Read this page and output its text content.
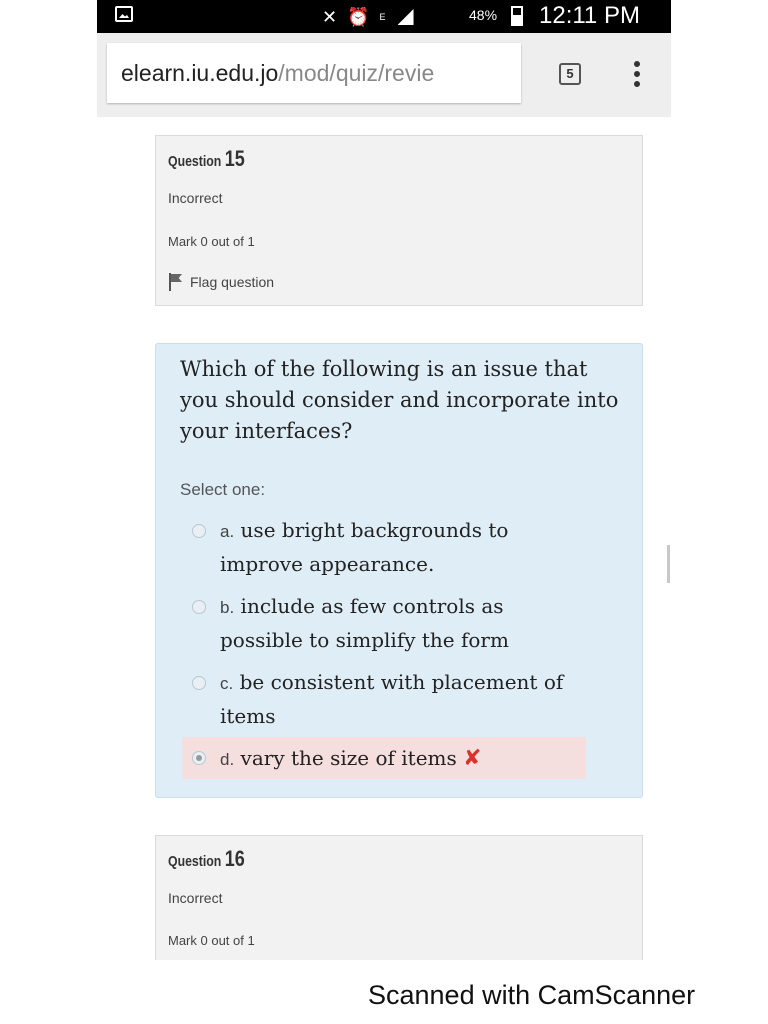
✕ ⏰ E	48% 12:11 PM
elearn.iu.edu.jo/mod/quiz/revie	5
Question 15
Incorrect
Mark 0 out of 1
Flag question
Which of the following is an issue that you should consider and incorporate into your interfaces?
Select one:
a. use bright backgrounds to improve appearance.
b. include as few controls as possible to simplify the form
c. be consistent with placement of items
d. vary the size of items ✘
Question 16
Incorrect
Mark 0 out of 1
Scanned with CamScanner
